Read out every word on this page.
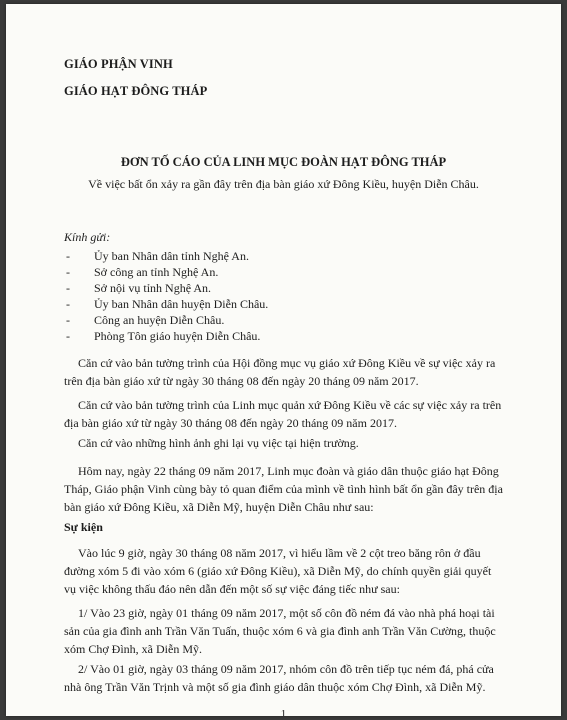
GIÁO PHẬN VINH
GIÁO HẠT ĐÔNG THÁP
ĐƠN TỐ CÁO CỦA LINH MỤC ĐOÀN HẠT ĐÔNG THÁP
Về việc bất ổn xảy ra gần đây trên địa bàn giáo xứ Đông Kiều, huyện Diễn Châu.
Kính gửi:
- Ủy ban Nhân dân tỉnh Nghệ An.
- Sở công an tỉnh Nghệ An.
- Sở nội vụ tỉnh Nghệ An.
- Ủy ban Nhân dân huyện Diễn Châu.
- Công an huyện Diễn Châu.
- Phòng Tôn giáo huyện Diễn Châu.
Căn cứ vào bản tường trình của Hội đồng mục vụ giáo xứ Đông Kiều về sự việc xảy ra trên địa bàn giáo xứ từ ngày 30 tháng 08 đến ngày 20 tháng 09 năm 2017.
Căn cứ vào bản tường trình của Linh mục quản xứ Đông Kiều về các sự việc xảy ra trên địa bàn giáo xứ từ ngày 30 tháng 08 đến ngày 20 tháng 09 năm 2017.
Căn cứ vào những hình ảnh ghi lại vụ việc tại hiện trường.
Hôm nay, ngày 22 tháng 09 năm 2017, Linh mục đoàn và giáo dân thuộc giáo hạt Đông Tháp, Giáo phận Vinh cùng bày tỏ quan điểm của mình về tình hình bất ổn gần đây trên địa bàn giáo xứ Đông Kiều, xã Diễn Mỹ, huyện Diễn Châu như sau:
Sự kiện
Vào lúc 9 giờ, ngày 30 tháng 08 năm 2017, vì hiểu lầm về 2 cột treo băng rôn ở đầu đường xóm 5 đi vào xóm 6 (giáo xứ Đông Kiều), xã Diễn Mỹ, do chính quyền giải quyết vụ việc không thấu đáo nên dẫn đến một số sự việc đáng tiếc như sau:
1/ Vào 23 giờ, ngày 01 tháng 09 năm 2017, một số côn đồ ném đá vào nhà phá hoại tài sản của gia đình anh Trần Văn Tuấn, thuộc xóm 6 và gia đình anh Trần Văn Cường, thuộc xóm Chợ Đình, xã Diễn Mỹ.
2/ Vào 01 giờ, ngày 03 tháng 09 năm 2017, nhóm côn đồ trên tiếp tục ném đá, phá cửa nhà ông Trần Văn Trịnh và một số gia đình giáo dân thuộc xóm Chợ Đình, xã Diễn Mỹ.
1
